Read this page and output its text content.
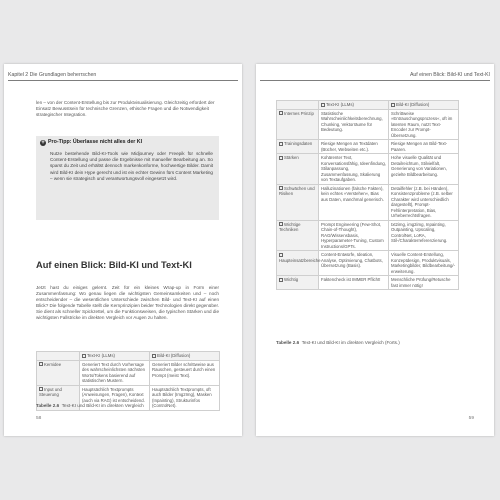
Kapitel 2 Die Grundlagen beherrschen
len – von der Content-Erstellung bis zur Produktvisualisierung. Gleichzeitig erfordert der Einsatz Bewusstsein für technische Grenzen, ethische Fragen und die Notwendigkeit strategischer Integration.
+ Pro-Tipp: Überlasse nicht alles der KI
Nutze bestehende Bild-KI-Tools wie Midjourney oder Freepik für schnelle Content-Erstellung und passe die Ergebnisse mit manueller Bearbeitung an. So sparst du Zeit und erhältst dennoch markenkonforme, hochwertige Bilder. Damit wird Bild-KI dein Hype gerecht und ist ein echter Gewinn fürs Content Marketing – wenn sie strategisch und verantwortungsvoll eingesetzt wird.
Auf einen Blick: Bild-KI und Text-KI
Jetzt hast du einiges gelernt. Zeit für ein kleines Wrap-up in Form einer Zusammenfassung: Wo genau liegen die wichtigsten Gemeinsamkeiten und – noch entscheidender – die wesentlichen Unterschiede zwischen Bild- und Text-KI auf einen Blick? Die folgende Tabelle stellt die Kernprinzipien beider Technologien direkt gegenüber. Sie dient als schneller Spickzettel, um die Funktionsweisen, die typischen Stärken und die wichtigsten Fallstricke im direkten Vergleich vor Augen zu halten.
	Text-KI (LLMs)	Bild-KI (Diffusion)
Kernidee	Generiert Text durch Vorhersage des wahrscheinlichsten nächsten Worts/Tokens basierend auf statistischen Mustern.	Generiert Bilder schrittweise aus Rauschen, gesteuert durch einen Prompt (meist Text).
Input und Steuerung	Hauptsächlich Textprompts (Anweisungen, Fragen), Kontext (auch via RAG) ist entscheidend.	Hauptsächlich Textprompts, oft auch Bilder (Img2Img), Masken (Inpainting), Strukturinfos (ControlNet).
Tabelle 2.6 Text-KI und Bild-KI im direkten Vergleich
58
Auf einen Blick: Bild-KI und Text-KI
	Text-KI (LLMs)	Bild-KI (Diffusion)
Internes Prinzip	Statistische Wahrscheinlichkeitsberechnung, Chunking, Vektorräume für Bedeutung.	Schrittweise »Entrauschungsprozess«, oft im latenten Raum, nutzt Text-Encoder zur Prompt-Übersetzung.
Trainingsdaten	Riesige Mengen an Textdaten (Bücher, Webseiten etc.).	Riesige Mengen an Bild-Text-Paaren.
Stärken	Kohärenter Text, Konversationsfähig, Ideenfindung, Stilanpassung, Zusammenfassung, Skalierung von Textaufgaben.	Hohe visuelle Qualität und Detailreichtum, Stilvielfalt, Generierung von Variationen, gezielte Bildbearbeitung.
Schwächen und Risiken	Halluzinationen (falsche Fakten), kein echtes »Verstehen«, Bias aus Daten, manchmal generisch.	Detailfehler (z.B. bei Händen), Konsistenzprobleme (z.B. selber Charakter wird unterschiedlich dargestellt), Prompt-Fehlinterpretation, Bias, Urheberrechtsfragen.
Wichtige Techniken	Prompt Engineering (Few-Shot, Chain-of-Thought), RAG/Wissensbasis, Hyperparameter-Tuning, Custom Instructions/GPTs.	txt2img, img2img, Inpainting, Outpainting, Upscaling, ControlNet, LoRA, Stil-/Charakterreferenzierung.
Haupteinsatzbereiche	Content-Entwürfe, Ideation, Analyse, Optimierung, Chatbots, Übersetzung (Basis).	Visuelle Content-Erstellung, Konzeptdesign, Produktvisuals, Marketingbilder, Bildbearbeitung/-erweiterung.
Wichtig	Faktencheck ist IMMER Pflicht!	Menschliche Prüfung/Retusche fast immer nötig!
Tabelle 2.6 Text-KI und Bild-KI im direkten Vergleich (Forts.)
59
